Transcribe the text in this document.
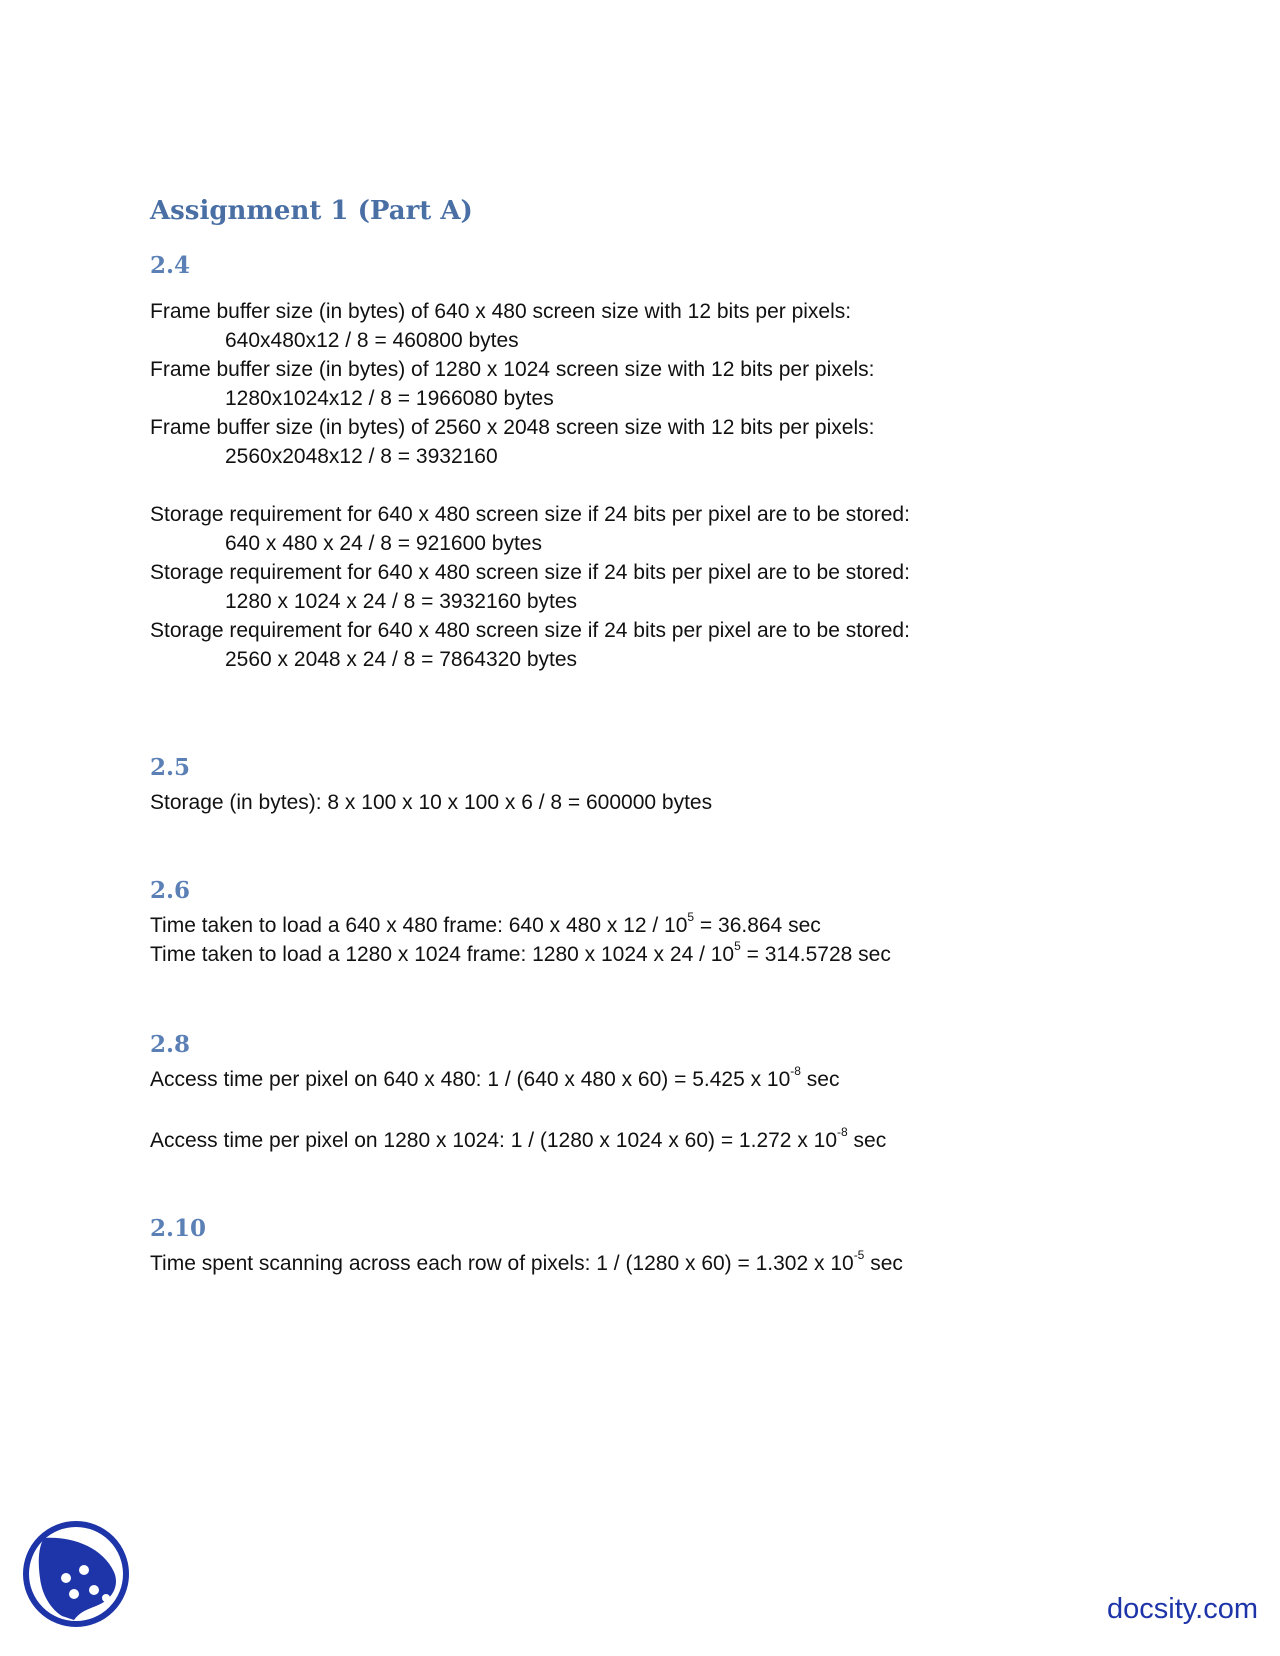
Assignment 1 (Part A)
2.4

Frame buffer size (in bytes) of 640 x 480 screen size with 12 bits per pixels:

640x480x12 / 8 = 460800 bytes

Frame buffer size (in bytes) of 1280 x 1024 screen size with 12 bits per pixels:

1280x1024x12 / 8 = 1966080 bytes

Frame buffer size (in bytes) of 2560 x 2048 screen size with 12 bits per pixels:

2560x2048x12 / 8 = 3932160

Storage requirement for 640 x 480 screen size if 24 bits per pixel are to be stored:

640 x 480 x 24 / 8 = 921600 bytes

Storage requirement for 640 x 480 screen size if 24 bits per pixel are to be stored:

1280 x 1024 x 24 / 8 = 3932160 bytes

Storage requirement for 640 x 480 screen size if 24 bits per pixel are to be stored:

2560 x 2048 x 24 / 8 = 7864320 bytes

2.5

Storage (in bytes): 8 x 100 x 10 x 100 x 6 / 8 = 600000 bytes

2.6

Time taken to load a 640 x 480 frame: 640 x 480 x $12 / 10^5 = 36.864$ sec

Time taken to load a 1280 x 1024 frame: 1280 x 1024 x $24 / 10^5 = 314.5728$ sec

2.8

Access time per pixel on 640 x 480: 1 / (640 x 480 x 60) = 5.425 x $10^{-8}$ sec

Access time per pixel on 1280 x 1024: 1 / (1280 x 1024 x 60) = 1.272 x $10^{-8}$ sec

2.10

Time spent scanning across each row of pixels: 1 / (1280 x 60) = 1.302 x $10^{-5}$ sec

docsity.com
